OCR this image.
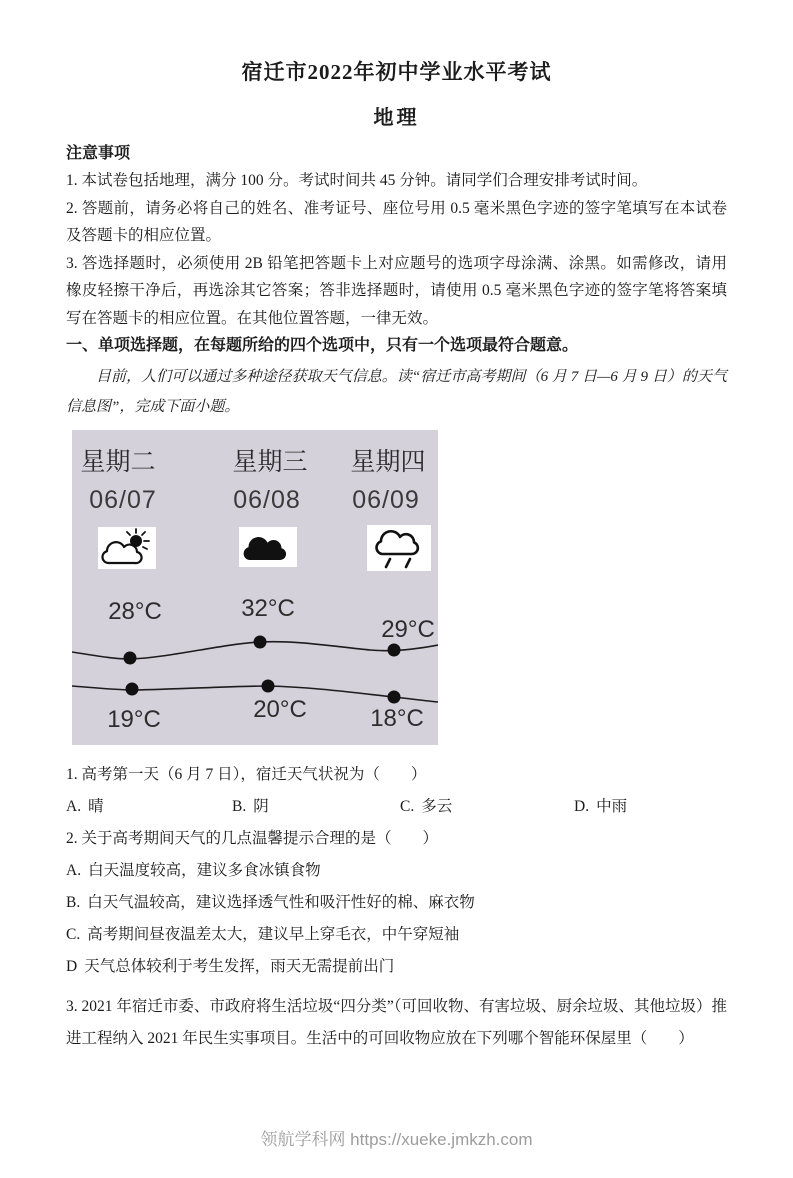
宿迁市2022年初中学业水平考试
地理

注意事项

1. 本试卷包括地理，满分 100 分。考试时间共 45 分钟。请同学们合理安排考试时间。

2. 答题前，请务必将自己的姓名、准考证号、座位号用 0.5 毫米黑色字迹的签字笔填写在本试卷及答题卡的相应位置。

3. 答选择题时，必须使用 2B 铅笔把答题卡上对应题号的选项字母涂满、涂黑。如需修改，请用橡皮轻擦干净后，再选涂其它答案；答非选择题时，请使用 0.5 毫米黑色字迹的签字笔将答案填写在答题卡的相应位置。在其他位置答题，一律无效。

一、单项选择题，在每题所给的四个选项中，只有一个选项最符合题意。

目前，人们可以通过多种途径获取天气信息。读“宿迁市高考期间（6 月 7 日—6 月 9 日）的天气信息图”，完成下面小题。

星期二	星期三 星期四
06/07	06/08 06/09
28°C	32°C
29°C
19°C	20°C	18°C

1. 高考第一天（6 月 7 日），宿迁天气状祝为（　　）

A. 晴	B. 阴	C. 多云	D. 中雨

2. 关于高考期间天气的几点温馨提示合理的是（　　）

A. 白天温度较高，建议多食冰镇食物

B. 白天气温较高，建议选择透气性和吸汗性好的棉、麻衣物

C. 高考期间昼夜温差太大，建议早上穿毛衣，中午穿短袖

D 天气总体较利于考生发挥，雨天无需提前出门

3. 2021 年宿迁市委、市政府将生活垃圾“四分类”（可回收物、有害垃圾、厨余垃圾、其他垃圾）推进工程纳入 2021 年民生实事项目。生活中的可回收物应放在下列哪个智能环保屋里（　　）

领航学科网 https://xueke.jmkzh.com
